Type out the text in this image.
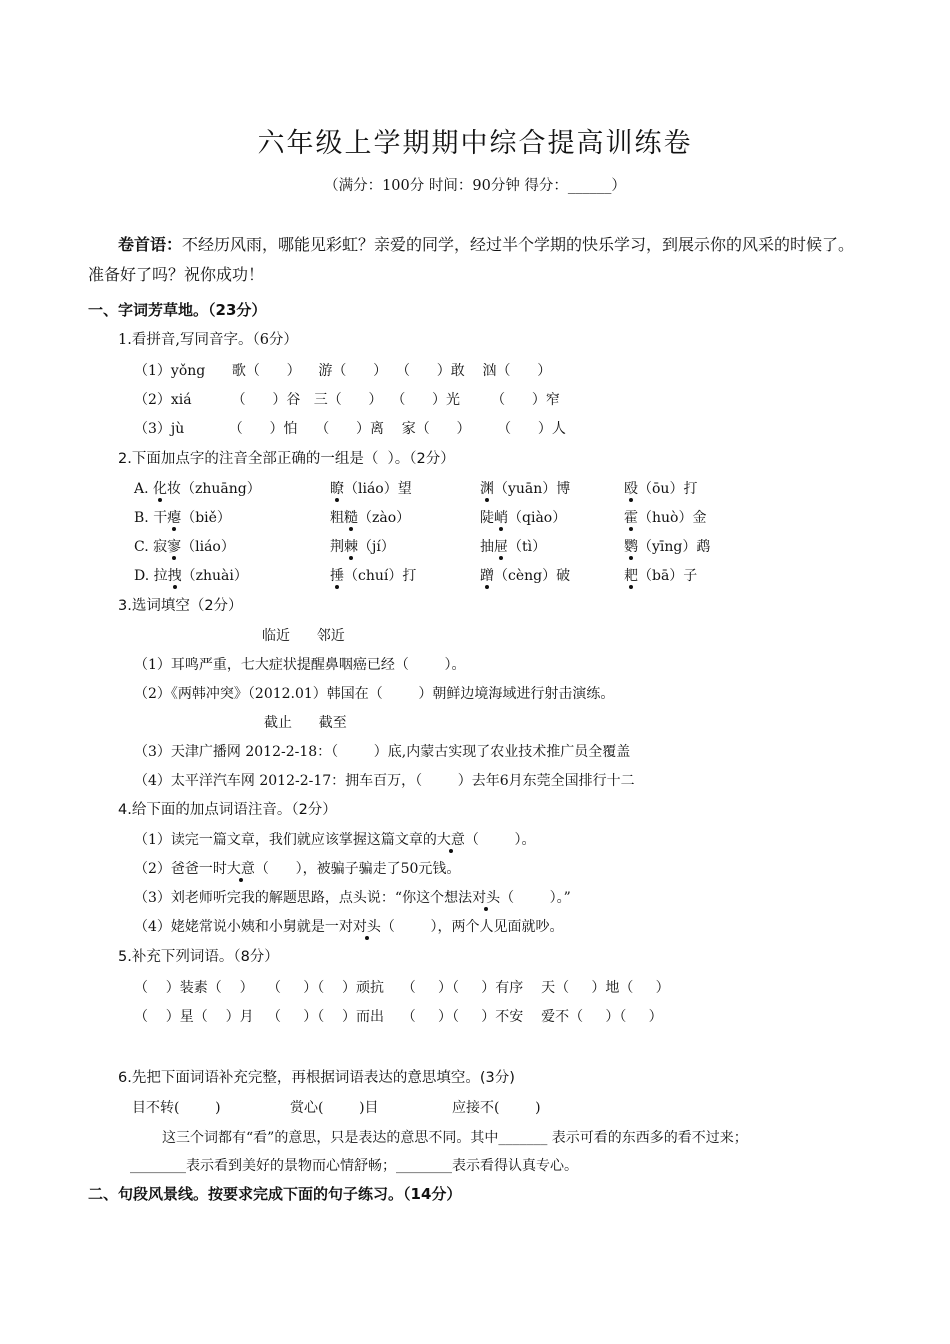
六年级上学期期中综合提高训练卷
（满分：100分 时间：90分钟 得分：______）
卷首语：不经历风雨，哪能见彩虹？亲爱的同学，经过半个学期的快乐学习，到展示你的风采的时候了。准备好了吗？祝你成功！
一、字词芳草地。（23分）
1.看拼音,写同音字。（6分）
（1）yǒng      歌（      ）    游（      ）  （      ）敢    汹（      ）
（2）xiá         （      ）谷   三（      ）  （      ）光       （      ）窄
（3）jù          （      ）怕    （      ）离    家（      ）      （      ）人
2.下面加点字的注音全部正确的一组是（  ）。（2分）
A. 化妆（zhuāng）	瞭（liáo）望	渊（yuān）博	殴（ōu）打
B. 干瘪（biě）	粗糙（zào）	陡峭（qiào）	霍（huò）金
C. 寂寥（liáo）	荆棘（jí）	抽屉（tì）	鹦（yīng）鹉
D. 拉拽（zhuài）	捶（chuí）打	蹭（cèng）破	耙（bā）子
3.选词填空（2分）
临近      邻近
（1）耳鸣严重，七大症状提醒鼻咽癌已经（        ）。
（2）《两韩冲突》（2012.01）韩国在（        ）朝鲜边境海域进行射击演练。
截止      截至
（3）天津广播网 2012-2-18：（        ）底,内蒙古实现了农业技术推广员全覆盖
（4）太平洋汽车网 2012-2-17：拥车百万，（        ）去年6月东莞全国排行十二
4.给下面的加点词语注音。（2分）
（1）读完一篇文章，我们就应该掌握这篇文章的大意（        ）。
（2）爸爸一时大意（      ），被骗子骗走了50元钱。
（3）刘老师听完我的解题思路，点头说：“你这个想法对头（        ）。”
（4）姥姥常说小姨和小舅就是一对对头（        ），两个人见面就吵。
5.补充下列词语。（8分）
（    ）装素（    ）   （     ）（    ）顽抗    （     ）（     ）有序    天（     ）地（     ）
（    ）星（    ）月   （     ）（    ）而出    （     ）（     ）不安    爱不（     ）（     ）
6.先把下面词语补充完整，再根据词语表达的意思填空。(3分)
目不转(        )	赏心(        )目	应接不(        )
这三个词都有“看”的意思，只是表达的意思不同。其中_______ 表示可看的东西多的看不过来；
________表示看到美好的景物而心情舒畅；________表示看得认真专心。
二、句段风景线。按要求完成下面的句子练习。（14分）
